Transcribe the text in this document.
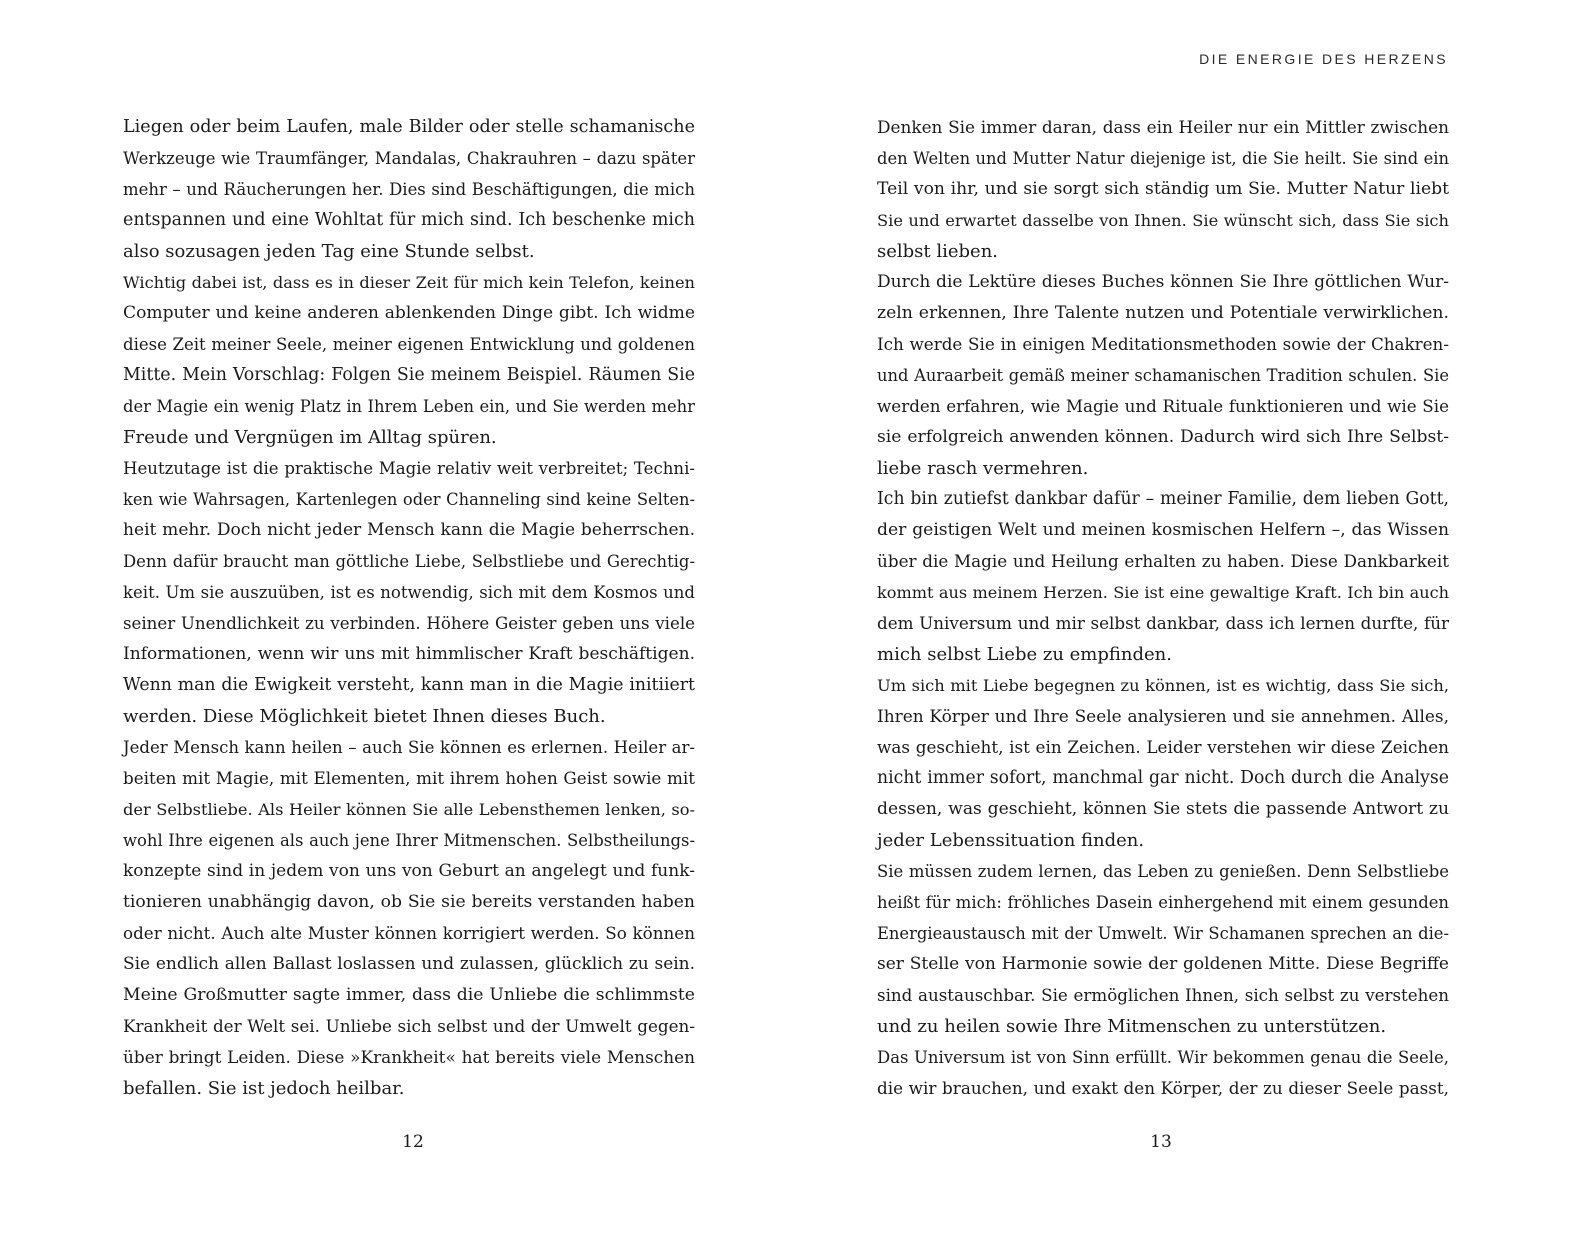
Liegen oder beim Laufen, male Bilder oder stelle schamanische
Werkzeuge wie Traumfänger, Mandalas, Chakrauhren – dazu später
mehr – und Räucherungen her. Dies sind Beschäftigungen, die mich
entspannen und eine Wohltat für mich sind. Ich beschenke mich
also sozusagen jeden Tag eine Stunde selbst.
Wichtig dabei ist, dass es in dieser Zeit für mich kein Telefon, keinen
Computer und keine anderen ablenkenden Dinge gibt. Ich widme
diese Zeit meiner Seele, meiner eigenen Entwicklung und goldenen
Mitte. Mein Vorschlag: Folgen Sie meinem Beispiel. Räumen Sie
der Magie ein wenig Platz in Ihrem Leben ein, und Sie werden mehr
Freude und Vergnügen im Alltag spüren.
Heutzutage ist die praktische Magie relativ weit verbreitet; Techni-
ken wie Wahrsagen, Kartenlegen oder Channeling sind keine Selten-
heit mehr. Doch nicht jeder Mensch kann die Magie beherrschen.
Denn dafür braucht man göttliche Liebe, Selbstliebe und Gerechtig-
keit. Um sie auszuüben, ist es notwendig, sich mit dem Kosmos und
seiner Unendlichkeit zu verbinden. Höhere Geister geben uns viele
Informationen, wenn wir uns mit himmlischer Kraft beschäftigen.
Wenn man die Ewigkeit versteht, kann man in die Magie initiiert
werden. Diese Möglichkeit bietet Ihnen dieses Buch.
Jeder Mensch kann heilen – auch Sie können es erlernen. Heiler ar-
beiten mit Magie, mit Elementen, mit ihrem hohen Geist sowie mit
der Selbstliebe. Als Heiler können Sie alle Lebensthemen lenken, so-
wohl Ihre eigenen als auch jene Ihrer Mitmenschen. Selbstheilungs-
konzepte sind in jedem von uns von Geburt an angelegt und funk-
tionieren unabhängig davon, ob Sie sie bereits verstanden haben
oder nicht. Auch alte Muster können korrigiert werden. So können
Sie endlich allen Ballast loslassen und zulassen, glücklich zu sein.
Meine Großmutter sagte immer, dass die Unliebe die schlimmste
Krankheit der Welt sei. Unliebe sich selbst und der Umwelt gegen-
über bringt Leiden. Diese »Krankheit« hat bereits viele Menschen
befallen. Sie ist jedoch heilbar.
12
DIE ENERGIE DES HERZENS
Denken Sie immer daran, dass ein Heiler nur ein Mittler zwischen
den Welten und Mutter Natur diejenige ist, die Sie heilt. Sie sind ein
Teil von ihr, und sie sorgt sich ständig um Sie. Mutter Natur liebt
Sie und erwartet dasselbe von Ihnen. Sie wünscht sich, dass Sie sich
selbst lieben.
Durch die Lektüre dieses Buches können Sie Ihre göttlichen Wur-
zeln erkennen, Ihre Talente nutzen und Potentiale verwirklichen.
Ich werde Sie in einigen Meditationsmethoden sowie der Chakren-
und Auraarbeit gemäß meiner schamanischen Tradition schulen. Sie
werden erfahren, wie Magie und Rituale funktionieren und wie Sie
sie erfolgreich anwenden können. Dadurch wird sich Ihre Selbst-
liebe rasch vermehren.
Ich bin zutiefst dankbar dafür – meiner Familie, dem lieben Gott,
der geistigen Welt und meinen kosmischen Helfern –, das Wissen
über die Magie und Heilung erhalten zu haben. Diese Dankbarkeit
kommt aus meinem Herzen. Sie ist eine gewaltige Kraft. Ich bin auch
dem Universum und mir selbst dankbar, dass ich lernen durfte, für
mich selbst Liebe zu empfinden.
Um sich mit Liebe begegnen zu können, ist es wichtig, dass Sie sich,
Ihren Körper und Ihre Seele analysieren und sie annehmen. Alles,
was geschieht, ist ein Zeichen. Leider verstehen wir diese Zeichen
nicht immer sofort, manchmal gar nicht. Doch durch die Analyse
dessen, was geschieht, können Sie stets die passende Antwort zu
jeder Lebenssituation finden.
Sie müssen zudem lernen, das Leben zu genießen. Denn Selbstliebe
heißt für mich: fröhliches Dasein einhergehend mit einem gesunden
Energieaustausch mit der Umwelt. Wir Schamanen sprechen an die-
ser Stelle von Harmonie sowie der goldenen Mitte. Diese Begriffe
sind austauschbar. Sie ermöglichen Ihnen, sich selbst zu verstehen
und zu heilen sowie Ihre Mitmenschen zu unterstützen.
Das Universum ist von Sinn erfüllt. Wir bekommen genau die Seele,
die wir brauchen, und exakt den Körper, der zu dieser Seele passt,
13
